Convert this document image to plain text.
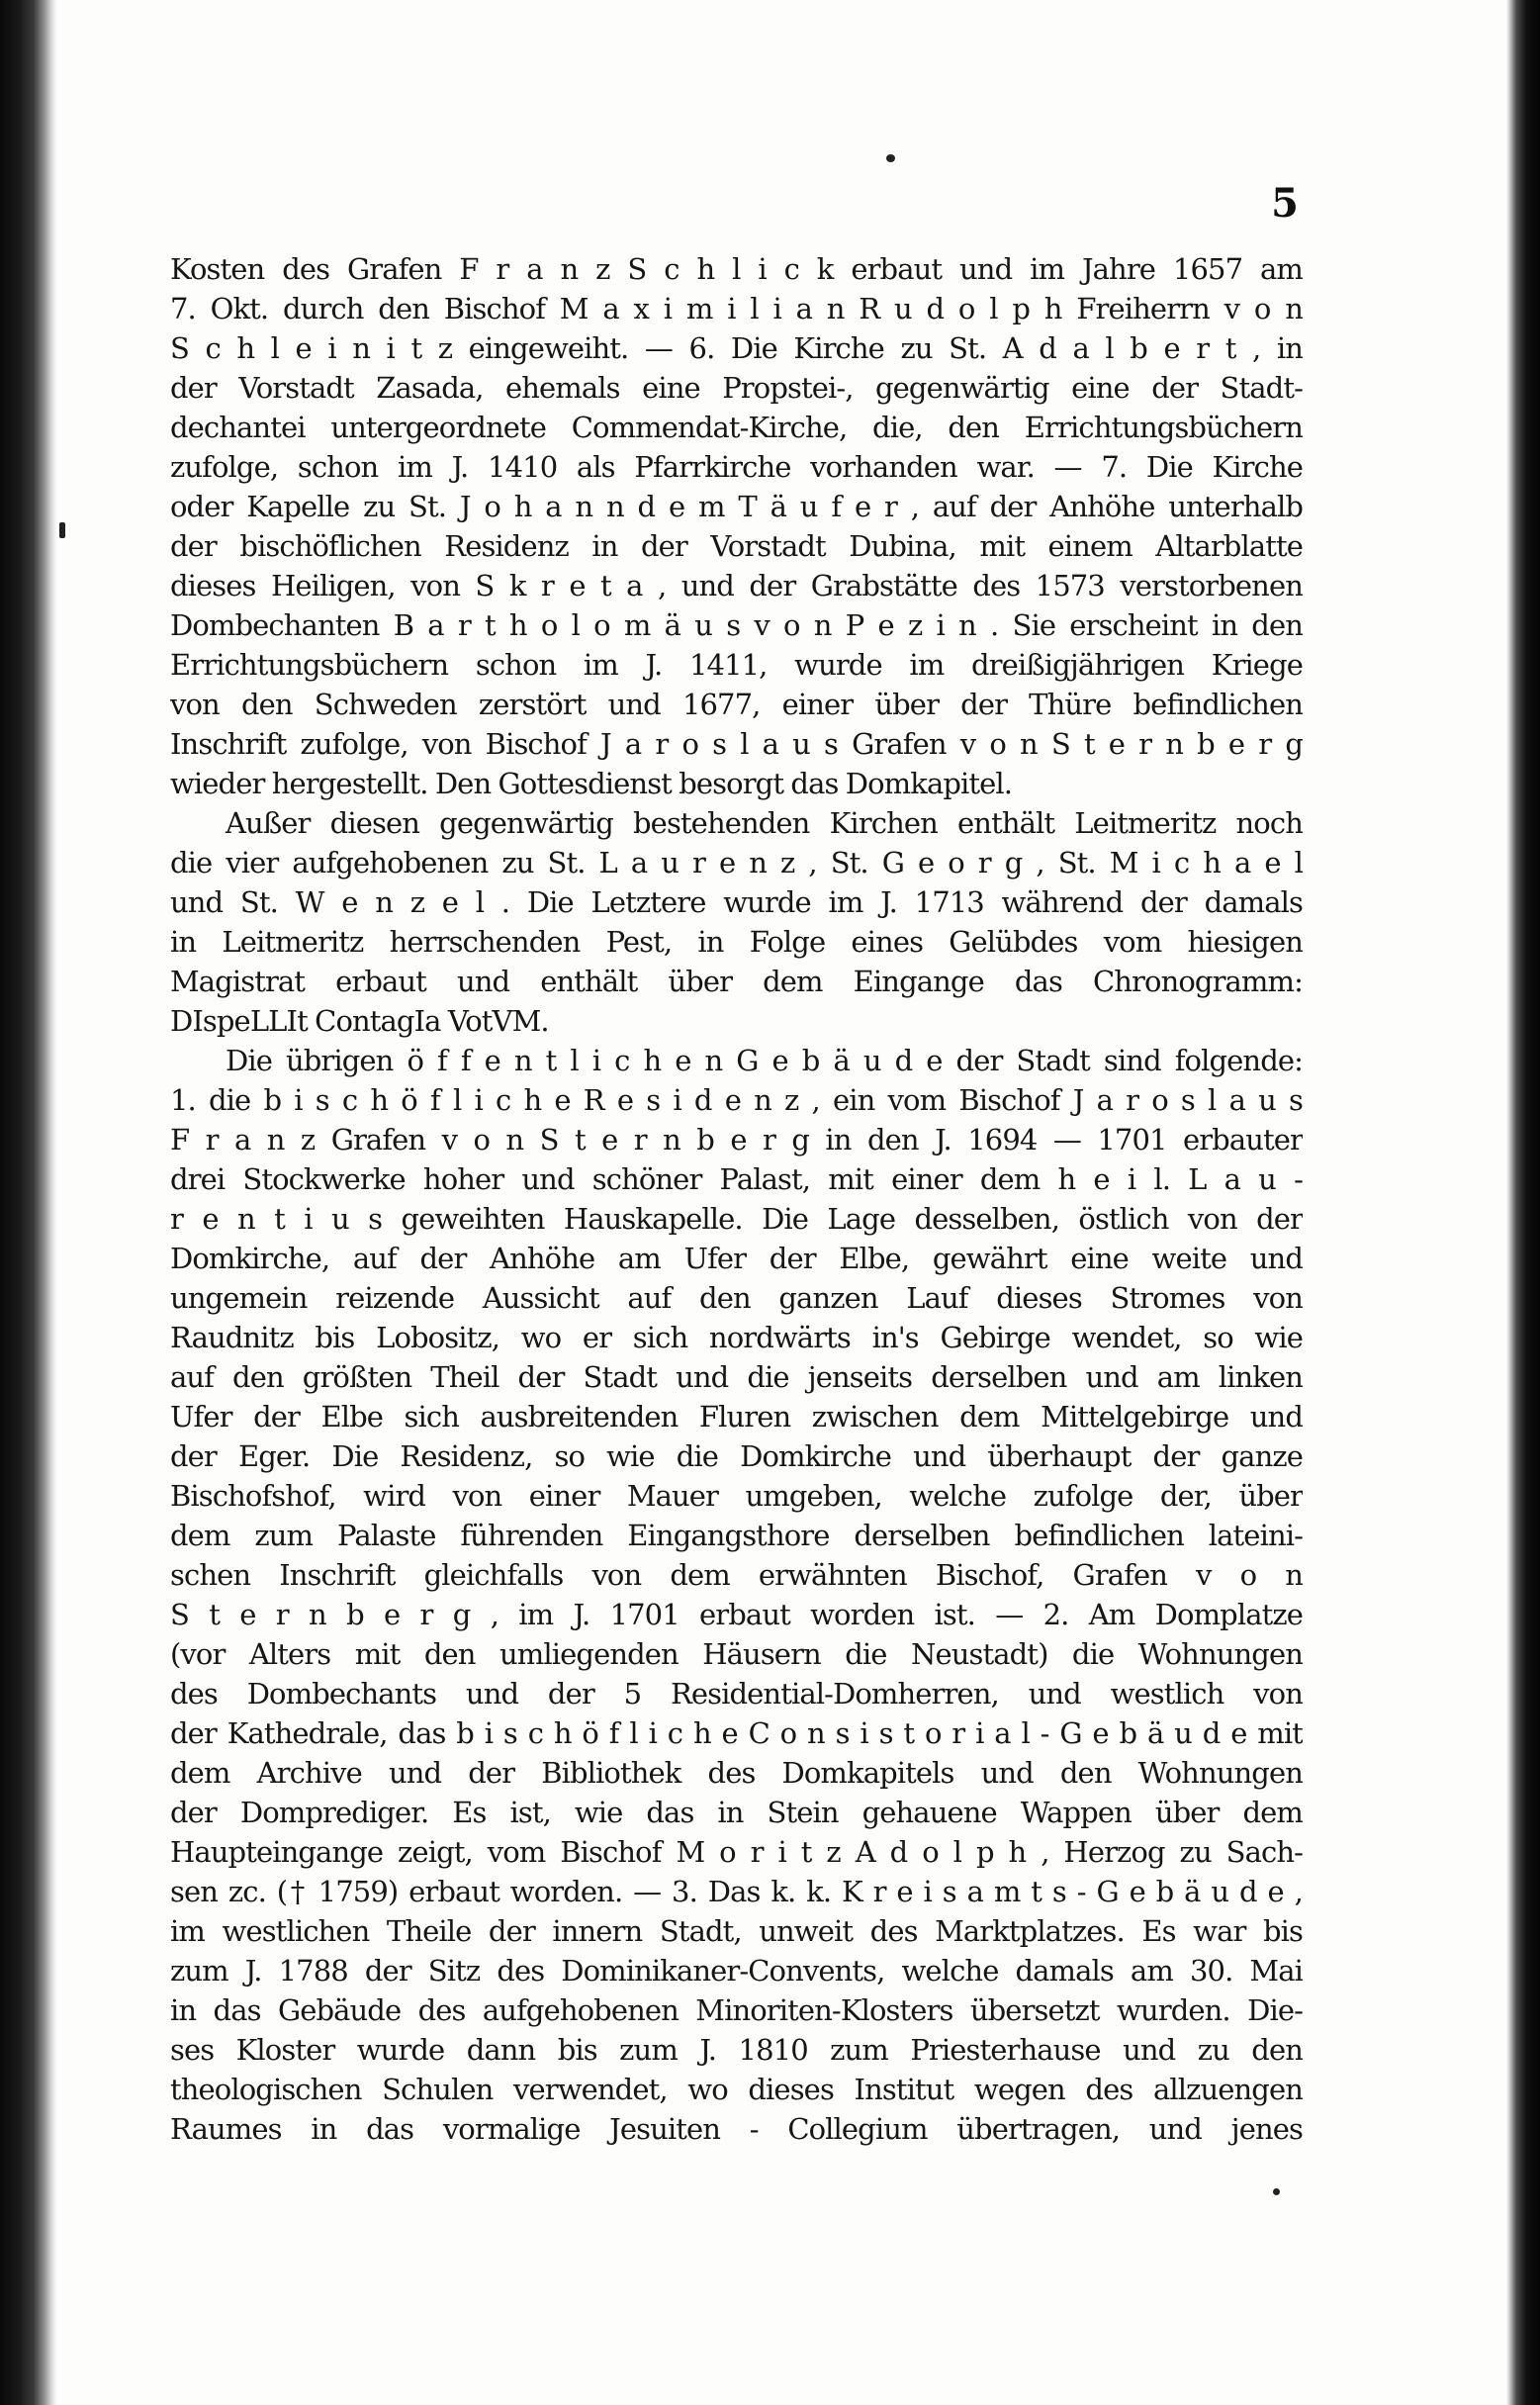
5
Kosten des Grafen F r a n z S c h l i c k erbaut und im Jahre 1657 am
7. Okt. durch den Bischof M a x i m i l i a n R u d o l p h Freiherrn v o n
S c h l e i n i t z eingeweiht. — 6. Die Kirche zu St. A d a l b e r t , in
der Vorstadt Zasada, ehemals eine Propstei-, gegenwärtig eine der Stadt-
dechantei untergeordnete Commendat-Kirche, die, den Errichtungsbüchern
zufolge, schon im J. 1410 als Pfarrkirche vorhanden war. — 7. Die Kirche
oder Kapelle zu St. J o h a n n d e m T ä u f e r , auf der Anhöhe unterhalb
der bischöflichen Residenz in der Vorstadt Dubina, mit einem Altarblatte
dieses Heiligen, von S k r e t a , und der Grabstätte des 1573 verstorbenen
Dombechanten B a r t h o l o m ä u s v o n P e z i n . Sie erscheint in den
Errichtungsbüchern schon im J. 1411, wurde im dreißigjährigen Kriege
von den Schweden zerstört und 1677, einer über der Thüre befindlichen
Inschrift zufolge, von Bischof J a r o s l a u s Grafen v o n S t e r n b e r g
wieder hergestellt. Den Gottesdienst besorgt das Domkapitel.
Außer diesen gegenwärtig bestehenden Kirchen enthält Leitmeritz noch
die vier aufgehobenen zu St. L a u r e n z , St. G e o r g , St. M i c h a e l
und St. W e n z e l . Die Letztere wurde im J. 1713 während der damals
in Leitmeritz herrschenden Pest, in Folge eines Gelübdes vom hiesigen
Magistrat erbaut und enthält über dem Eingange das Chronogramm:
DIspeLLIt ContagIa VotVM.
Die übrigen ö f f e n t l i c h e n G e b ä u d e der Stadt sind folgende:
1. die b i s c h ö f l i c h e R e s i d e n z , ein vom Bischof J a r o s l a u s
F r a n z Grafen v o n S t e r n b e r g in den J. 1694 — 1701 erbauter
drei Stockwerke hoher und schöner Palast, mit einer dem h e i l. L a u -
r e n t i u s geweihten Hauskapelle. Die Lage desselben, östlich von der
Domkirche, auf der Anhöhe am Ufer der Elbe, gewährt eine weite und
ungemein reizende Aussicht auf den ganzen Lauf dieses Stromes von
Raudnitz bis Lobositz, wo er sich nordwärts in's Gebirge wendet, so wie
auf den größten Theil der Stadt und die jenseits derselben und am linken
Ufer der Elbe sich ausbreitenden Fluren zwischen dem Mittelgebirge und
der Eger. Die Residenz, so wie die Domkirche und überhaupt der ganze
Bischofshof, wird von einer Mauer umgeben, welche zufolge der, über
dem zum Palaste führenden Eingangsthore derselben befindlichen lateini-
schen Inschrift gleichfalls von dem erwähnten Bischof, Grafen v o n
S t e r n b e r g , im J. 1701 erbaut worden ist. — 2. Am Domplatze
(vor Alters mit den umliegenden Häusern die Neustadt) die Wohnungen
des Dombechants und der 5 Residential-Domherren, und westlich von
der Kathedrale, das b i s c h ö f l i c h e C o n s i s t o r i a l - G e b ä u d e mit
dem Archive und der Bibliothek des Domkapitels und den Wohnungen
der Domprediger. Es ist, wie das in Stein gehauene Wappen über dem
Haupteingange zeigt, vom Bischof M o r i t z A d o l p h , Herzog zu Sach-
sen zc. († 1759) erbaut worden. — 3. Das k. k. K r e i s a m t s - G e b ä u d e ,
im westlichen Theile der innern Stadt, unweit des Marktplatzes. Es war bis
zum J. 1788 der Sitz des Dominikaner-Convents, welche damals am 30. Mai
in das Gebäude des aufgehobenen Minoriten-Klosters übersetzt wurden. Die-
ses Kloster wurde dann bis zum J. 1810 zum Priesterhause und zu den
theologischen Schulen verwendet, wo dieses Institut wegen des allzuengen
Raumes in das vormalige Jesuiten - Collegium übertragen, und jenes
